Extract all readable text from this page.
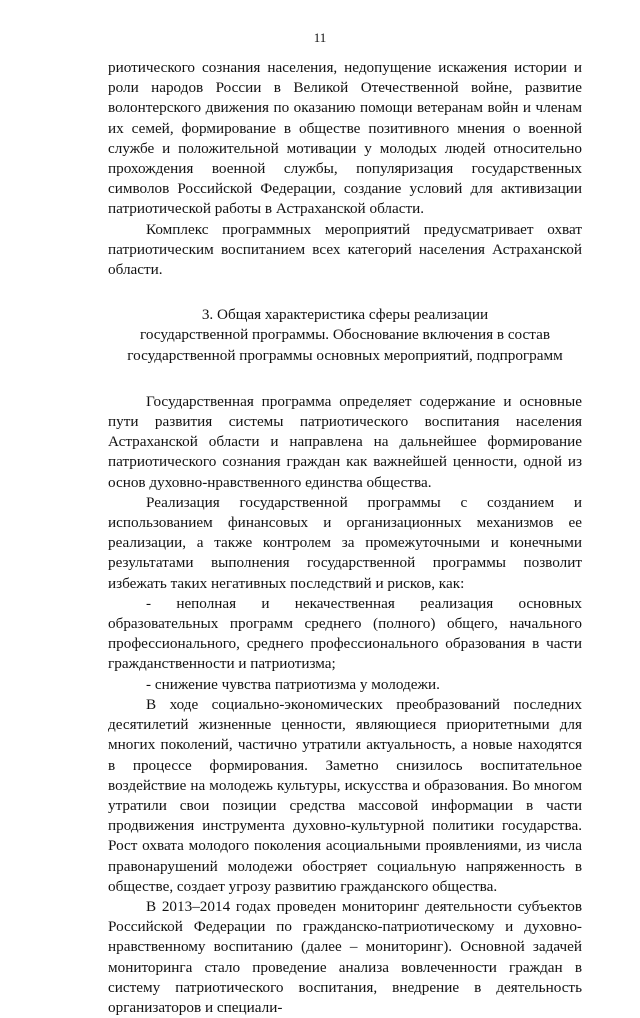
11

риотического сознания населения, недопущение искажения истории и роли народов России в Великой Отечественной войне, развитие волонтерского движения по оказанию помощи ветеранам войн и членам их семей, формирование в обществе позитивного мнения о военной службе и положительной мотивации у молодых людей относительно прохождения военной службы, популяризация государственных символов Российской Федерации, создание условий для активизации патриотической работы в Астраханской области.

Комплекс программных мероприятий предусматривает охват патриотическим воспитанием всех категорий населения Астраханской области.

3. Общая характеристика сферы реализации
государственной программы. Обоснование включения в состав
государственной программы основных мероприятий, подпрограмм

Государственная программа определяет содержание и основные пути развития системы патриотического воспитания населения Астраханской области и направлена на дальнейшее формирование патриотического сознания граждан как важнейшей ценности, одной из основ духовно-нравственного единства общества.

Реализация государственной программы с созданием и использованием финансовых и организационных механизмов ее реализации, а также контролем за промежуточными и конечными результатами выполнения государственной программы позволит избежать таких негативных последствий и рисков, как:

- неполная и некачественная реализация основных образовательных программ среднего (полного) общего, начального профессионального, среднего профессионального образования в части гражданственности и патриотизма;

- снижение чувства патриотизма у молодежи.

В ходе социально-экономических преобразований последних десятилетий жизненные ценности, являющиеся приоритетными для многих поколений, частично утратили актуальность, а новые находятся в процессе формирования. Заметно снизилось воспитательное воздействие на молодежь культуры, искусства и образования. Во многом утратили свои позиции средства массовой информации в части продвижения инструмента духовно-культурной политики государства. Рост охвата молодого поколения асоциальными проявлениями, из числа правонарушений молодежи обостряет социальную напряженность в обществе, создает угрозу развитию гражданского общества.

В 2013–2014 годах проведен мониторинг деятельности субъектов Российской Федерации по гражданско-патриотическому и духовно-нравственному воспитанию (далее – мониторинг). Основной задачей мониторинга стало проведение анализа вовлеченности граждан в систему патриотического воспитания, внедрение в деятельность организаторов и специали-
